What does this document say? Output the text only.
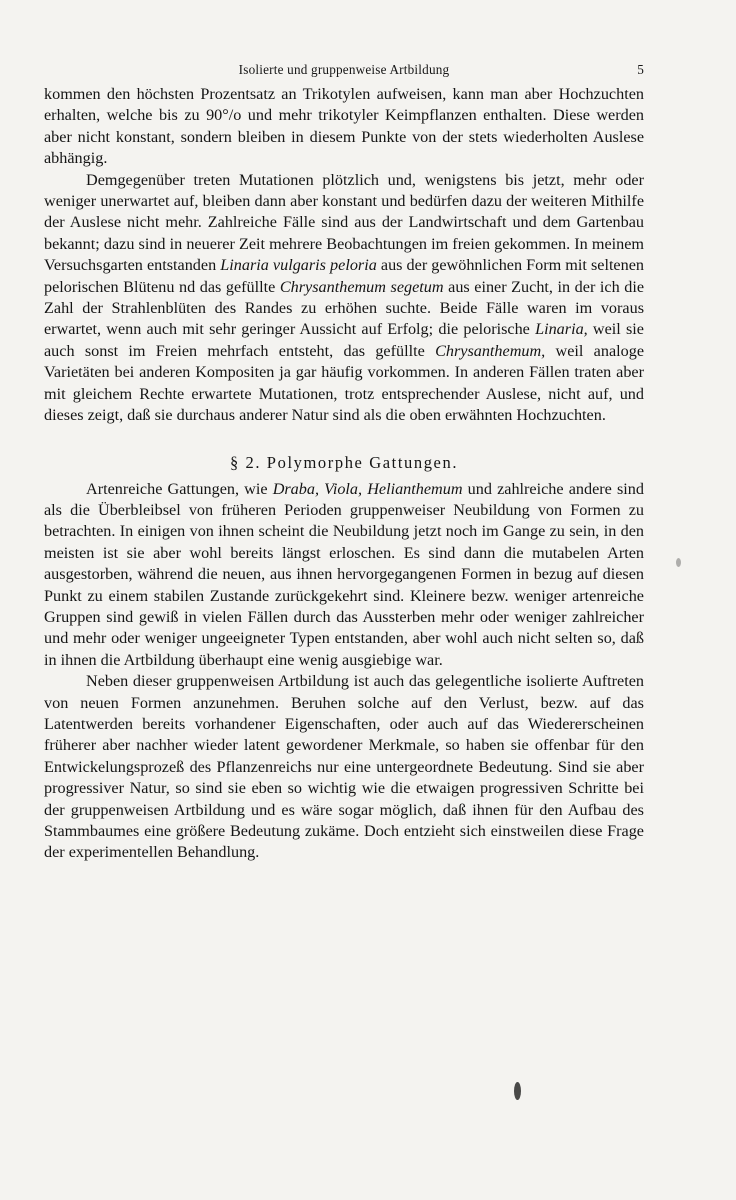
Isolierte und gruppenweise Artbildung	5

kommen den höchsten Prozentsatz an Trikotylen aufweisen, kann man aber Hochzuchten erhalten, welche bis zu 90°/o und mehr trikotyler Keimpflanzen enthalten. Diese werden aber nicht konstant, sondern bleiben in diesem Punkte von der stets wiederholten Auslese abhängig.

Demgegenüber treten Mutationen plötzlich und, wenigstens bis jetzt, mehr oder weniger unerwartet auf, bleiben dann aber konstant und bedürfen dazu der weiteren Mithilfe der Auslese nicht mehr. Zahlreiche Fälle sind aus der Landwirtschaft und dem Gartenbau bekannt; dazu sind in neuerer Zeit mehrere Beobachtungen im freien gekommen. In meinem Versuchsgarten entstanden Linaria vulgaris peloria aus der gewöhnlichen Form mit seltenen pelorischen Blütenu nd das gefüllte Chrysanthemum segetum aus einer Zucht, in der ich die Zahl der Strahlenblüten des Randes zu erhöhen suchte. Beide Fälle waren im voraus erwartet, wenn auch mit sehr geringer Aussicht auf Erfolg; die pelorische Linaria, weil sie auch sonst im Freien mehrfach entsteht, das gefüllte Chrysanthemum, weil analoge Varietäten bei anderen Kompositen ja gar häufig vorkommen. In anderen Fällen traten aber mit gleichem Rechte erwartete Mutationen, trotz entsprechender Auslese, nicht auf, und dieses zeigt, daß sie durchaus anderer Natur sind als die oben erwähnten Hochzuchten.

§ 2. Polymorphe Gattungen.

Artenreiche Gattungen, wie Draba, Viola, Helianthemum und zahlreiche andere sind als die Überbleibsel von früheren Perioden gruppenweiser Neubildung von Formen zu betrachten. In einigen von ihnen scheint die Neubildung jetzt noch im Gange zu sein, in den meisten ist sie aber wohl bereits längst erloschen. Es sind dann die mutabelen Arten ausgestorben, während die neuen, aus ihnen hervorgegangenen Formen in bezug auf diesen Punkt zu einem stabilen Zustande zurückgekehrt sind. Kleinere bezw. weniger artenreiche Gruppen sind gewiß in vielen Fällen durch das Aussterben mehr oder weniger zahlreicher und mehr oder weniger ungeeigneter Typen entstanden, aber wohl auch nicht selten so, daß in ihnen die Artbildung überhaupt eine wenig ausgiebige war.

Neben dieser gruppenweisen Artbildung ist auch das gelegentliche isolierte Auftreten von neuen Formen anzunehmen. Beruhen solche auf den Verlust, bezw. auf das Latentwerden bereits vorhandener Eigenschaften, oder auch auf das Wiedererscheinen früherer aber nachher wieder latent gewordener Merkmale, so haben sie offenbar für den Entwickelungsprozeß des Pflanzenreichs nur eine untergeordnete Bedeutung. Sind sie aber progressiver Natur, so sind sie eben so wichtig wie die etwaigen progressiven Schritte bei der gruppenweisen Artbildung und es wäre sogar möglich, daß ihnen für den Aufbau des Stammbaumes eine größere Bedeutung zukäme. Doch entzieht sich einstweilen diese Frage der experimentellen Behandlung.
